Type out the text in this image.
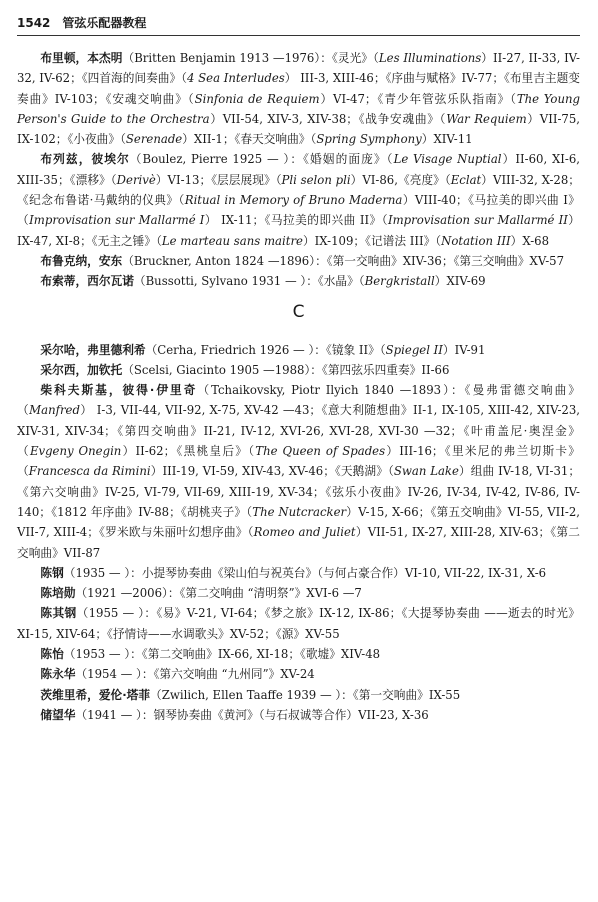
1542 管弦乐配器教程

布里顿，本杰明（Britten Benjamin 1913 —1976）：《灵光》（Les Illuminations）II-27, II-33, IV-32, IV-62；《四首海的间奏曲》（4 Sea Interludes） III-3, XIII-46；《序曲与赋格》IV-77；《布里吉主题变奏曲》IV-103；《安魂交响曲》（Sinfonia de Requiem）VI-47；《青少年管弦乐队指南》（The Young Person's Guide to the Orchestra）VII-54, XIV-3, XIV-38；《战争安魂曲》（War Requiem）VII-75, IX-102；《小夜曲》（Serenade）XII-1；《春天交响曲》（Spring Symphony）XIV-11

布列兹，彼埃尔（Boulez, Pierre 1925 — ）：《婚姻的面庞》（Le Visage Nuptial）II-60, XI-6, XIII-35；《漂移》（Derivè）VI-13；《层层展现》（Pli selon pli）VI-86,《亮度》（Eclat）VIII-32, X-28；《纪念布鲁诺·马戴纳的仪典》（Ritual in Memory of Bruno Maderna）VIII-40；《马拉美的即兴曲 I》（Improvisation sur Mallarmé I） IX-11；《马拉美的即兴曲 II》（Improvisation sur Mallarmé II）IX-47, XI-8；《无主之锤》（Le marteau sans maitre）IX-109；《记谱法 III》（Notation III）X-68

布鲁克纳，安东（Bruckner, Anton 1824 —1896）：《第一交响曲》XIV-36；《第三交响曲》XV-57

布索蒂，西尔瓦诺（Bussotti, Sylvano 1931 — ）：《水晶》（Bergkristall）XIV-69

C

采尔哈，弗里德利希（Cerha, Friedrich 1926 — ）：《镜象 II》（Spiegel II）IV-91

采尔西，加钦托（Scelsi, Giacinto 1905 —1988）：《第四弦乐四重奏》II-66

柴科夫斯基，彼得·伊里奇（Tchaikovsky, Piotr Ilyich 1840 —1893）：《曼弗雷德交响曲》（Manfred） I-3, VII-44, VII-92, X-75, XV-42 —43；《意大利随想曲》II-1, IX-105, XIII-42, XIV-23, XIV-31, XIV-34；《第四交响曲》II-21, IV-12, XVI-26, XVI-28, XVI-30 —32；《叶甫盖尼·奥涅金》（Evgeny Onegin）II-62；《黑桃皇后》（The Queen of Spades）III-16；《里米尼的弗兰切斯卡》（Francesca da Rimini）III-19, VI-59, XIV-43, XV-46；《天鹅湖》（Swan Lake）组曲 IV-18, VI-31；《第六交响曲》IV-25, VI-79, VII-69, XIII-19, XV-34；《弦乐小夜曲》IV-26, IV-34, IV-42, IV-86, IV-140；《1812 年序曲》IV-88；《胡桃夹子》（The Nutcracker）V-15, X-66；《第五交响曲》VI-55, VII-2, VII-7, XIII-4；《罗米欧与朱丽叶幻想序曲》（Romeo and Juliet）VII-51, IX-27, XIII-28, XIV-63；《第二交响曲》VII-87

陈钢（1935 — ）：小提琴协奏曲《梁山伯与祝英台》（与何占豪合作）VI-10, VII-22, IX-31, X-6

陈培勋（1921 —2006）：《第二交响曲 “清明祭”》XVI-6 —7

陈其钢（1955 — ）：《易》V-21, VI-64；《梦之旅》IX-12, IX-86；《大提琴协奏曲 ——逝去的时光》XI-15, XIV-64；《抒情诗——水调歌头》XV-52；《源》XV-55

陈怡（1953 — ）：《第二交响曲》IX-66, XI-18；《歌墟》XIV-48

陈永华（1954 — ）：《第六交响曲 “九州同”》XV-24

茨维里希，爱伦·塔菲（Zwilich, Ellen Taaffe 1939 — ）：《第一交响曲》IX-55

储望华（1941 — ）：钢琴协奏曲《黄河》（与石叔诚等合作）VII-23, X-36
